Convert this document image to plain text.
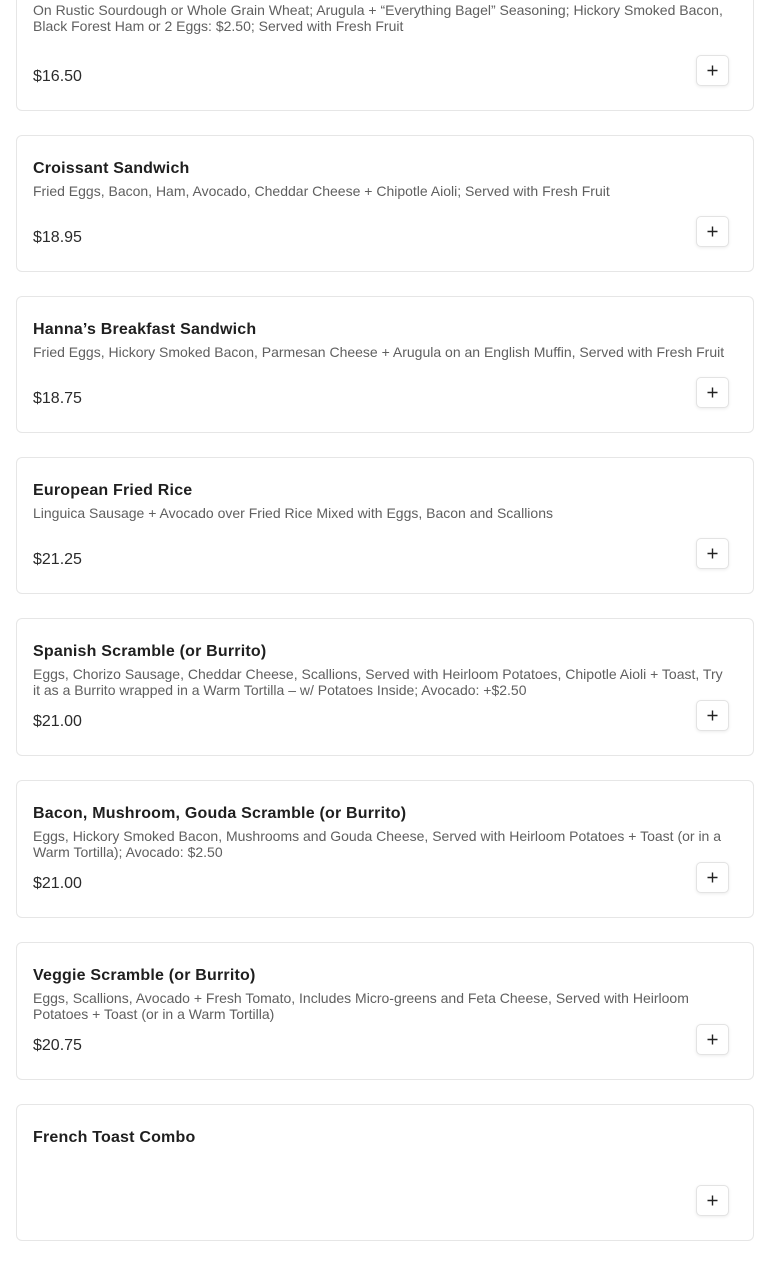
On Rustic Sourdough or Whole Grain Wheat; Arugula + “Everything Bagel” Seasoning; Hickory Smoked Bacon, Black Forest Ham or 2 Eggs: $2.50; Served with Fresh Fruit
$16.50
Croissant Sandwich
Fried Eggs, Bacon, Ham, Avocado, Cheddar Cheese + Chipotle Aioli; Served with Fresh Fruit
$18.95
Hanna’s Breakfast Sandwich
Fried Eggs, Hickory Smoked Bacon, Parmesan Cheese + Arugula on an English Muffin, Served with Fresh Fruit
$18.75
European Fried Rice
Linguica Sausage + Avocado over Fried Rice Mixed with Eggs, Bacon and Scallions
$21.25
Spanish Scramble (or Burrito)
Eggs, Chorizo Sausage, Cheddar Cheese, Scallions, Served with Heirloom Potatoes, Chipotle Aioli + Toast, Try it as a Burrito wrapped in a Warm Tortilla – w/ Potatoes Inside; Avocado: +$2.50
$21.00
Bacon, Mushroom, Gouda Scramble (or Burrito)
Eggs, Hickory Smoked Bacon, Mushrooms and Gouda Cheese, Served with Heirloom Potatoes + Toast (or in a Warm Tortilla); Avocado: $2.50
$21.00
Veggie Scramble (or Burrito)
Eggs, Scallions, Avocado + Fresh Tomato, Includes Micro-greens and Feta Cheese, Served with Heirloom Potatoes + Toast (or in a Warm Tortilla)
$20.75
French Toast Combo
